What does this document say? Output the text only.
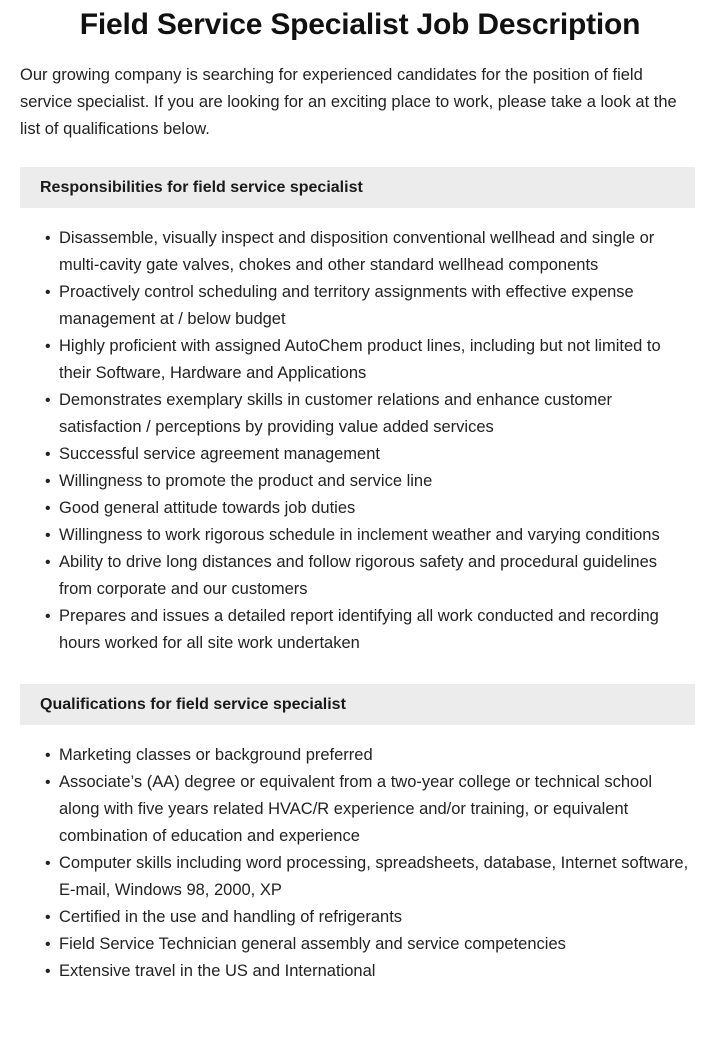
Field Service Specialist Job Description

Our growing company is searching for experienced candidates for the position of field service specialist. If you are looking for an exciting place to work, please take a look at the list of qualifications below.

Responsibilities for field service specialist
• Disassemble, visually inspect and disposition conventional wellhead and single or multi-cavity gate valves, chokes and other standard wellhead components
• Proactively control scheduling and territory assignments with effective expense management at / below budget
• Highly proficient with assigned AutoChem product lines, including but not limited to their Software, Hardware and Applications
• Demonstrates exemplary skills in customer relations and enhance customer satisfaction / perceptions by providing value added services
• Successful service agreement management
• Willingness to promote the product and service line
• Good general attitude towards job duties
• Willingness to work rigorous schedule in inclement weather and varying conditions
• Ability to drive long distances and follow rigorous safety and procedural guidelines from corporate and our customers
• Prepares and issues a detailed report identifying all work conducted and recording hours worked for all site work undertaken
Qualifications for field service specialist
• Marketing classes or background preferred
• Associate’s (AA) degree or equivalent from a two-year college or technical school along with five years related HVAC/R experience and/or training, or equivalent combination of education and experience
• Computer skills including word processing, spreadsheets, database, Internet software, E-mail, Windows 98, 2000, XP
• Certified in the use and handling of refrigerants
• Field Service Technician general assembly and service competencies
• Extensive travel in the US and International
